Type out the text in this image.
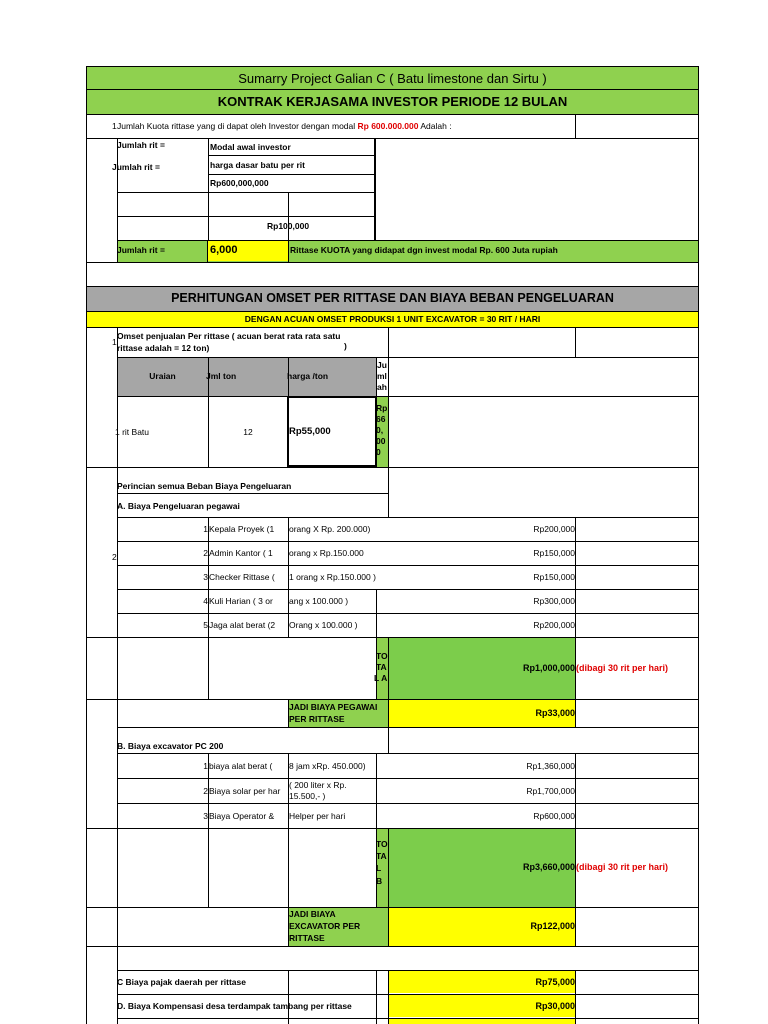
Sumarry Project Galian C ( Batu limestone dan Sirtu )
KONTRAK KERJASAMA INVESTOR PERIODE 12 BULAN
1 Jumlah Kuota rittase yang di dapat oleh Investor dengan modal Rp 600.000.000 Adalah :
Jumlah rit =	Modal awal investor
Jumlah rit =	harga dasar batu per rit
Rp600,000,000
Rp100,000
Jumlah rit =	6,000	Rittase KUOTA yang didapat dgn invest modal Rp. 600 Juta rupiah
PERHITUNGAN OMSET PER RITTASE DAN BIAYA BEBAN PENGELUARAN
DENGAN ACUAN OMSET PRODUKSI 1 UNIT EXCAVATOR = 30 RIT / HARI
1
Omset penjualan Per rittase ( acuan berat rata rata satu
rittase adalah = 12 ton)	)
Uraian	Jml ton	harga /ton
Ju
ml
ah
1 rit Batu	12	Rp55,000
Rp
66
0,
00
0
Perincian semua Beban Biaya Pengeluaran
A. Biaya Pengeluaran pegawai
2
1 Kepala Proyek (1 orang X Rp. 200.000)	Rp200,000
2 Admin Kantor ( 1 orang x Rp.150.000	Rp150,000
3 Checker Rittase ( 1 orang x Rp.150.000 )	Rp150,000
4 Kuli Harian ( 3 or ang x 100.000 )	Rp300,000
5 Jaga alat berat (2 Orang x 100.000 )	Rp200,000
TO
TA
L A
Rp1,000,000 (dibagi 30 rit per hari)
JADI BIAYA PEGAWAI
PER RITTASE
Rp33,000
B. Biaya excavator PC 200
1 biaya alat berat ( 8 jam xRp. 450.000)	Rp1,360,000
2 Biaya solar per har
( 200 liter x Rp.
15.500,- )	Rp1,700,000
3 Biaya Operator & Helper per hari	Rp600,000
TO
TA
L
B
Rp3,660,000 (dibagi 30 rit per hari)
JADI BIAYA
EXCAVATOR PER
RITTASE
Rp122,000
C Biaya pajak daerah per rittase	Rp75,000
D. Biaya Kompensasi desa terdampak tambang per rittase	Rp30,000
